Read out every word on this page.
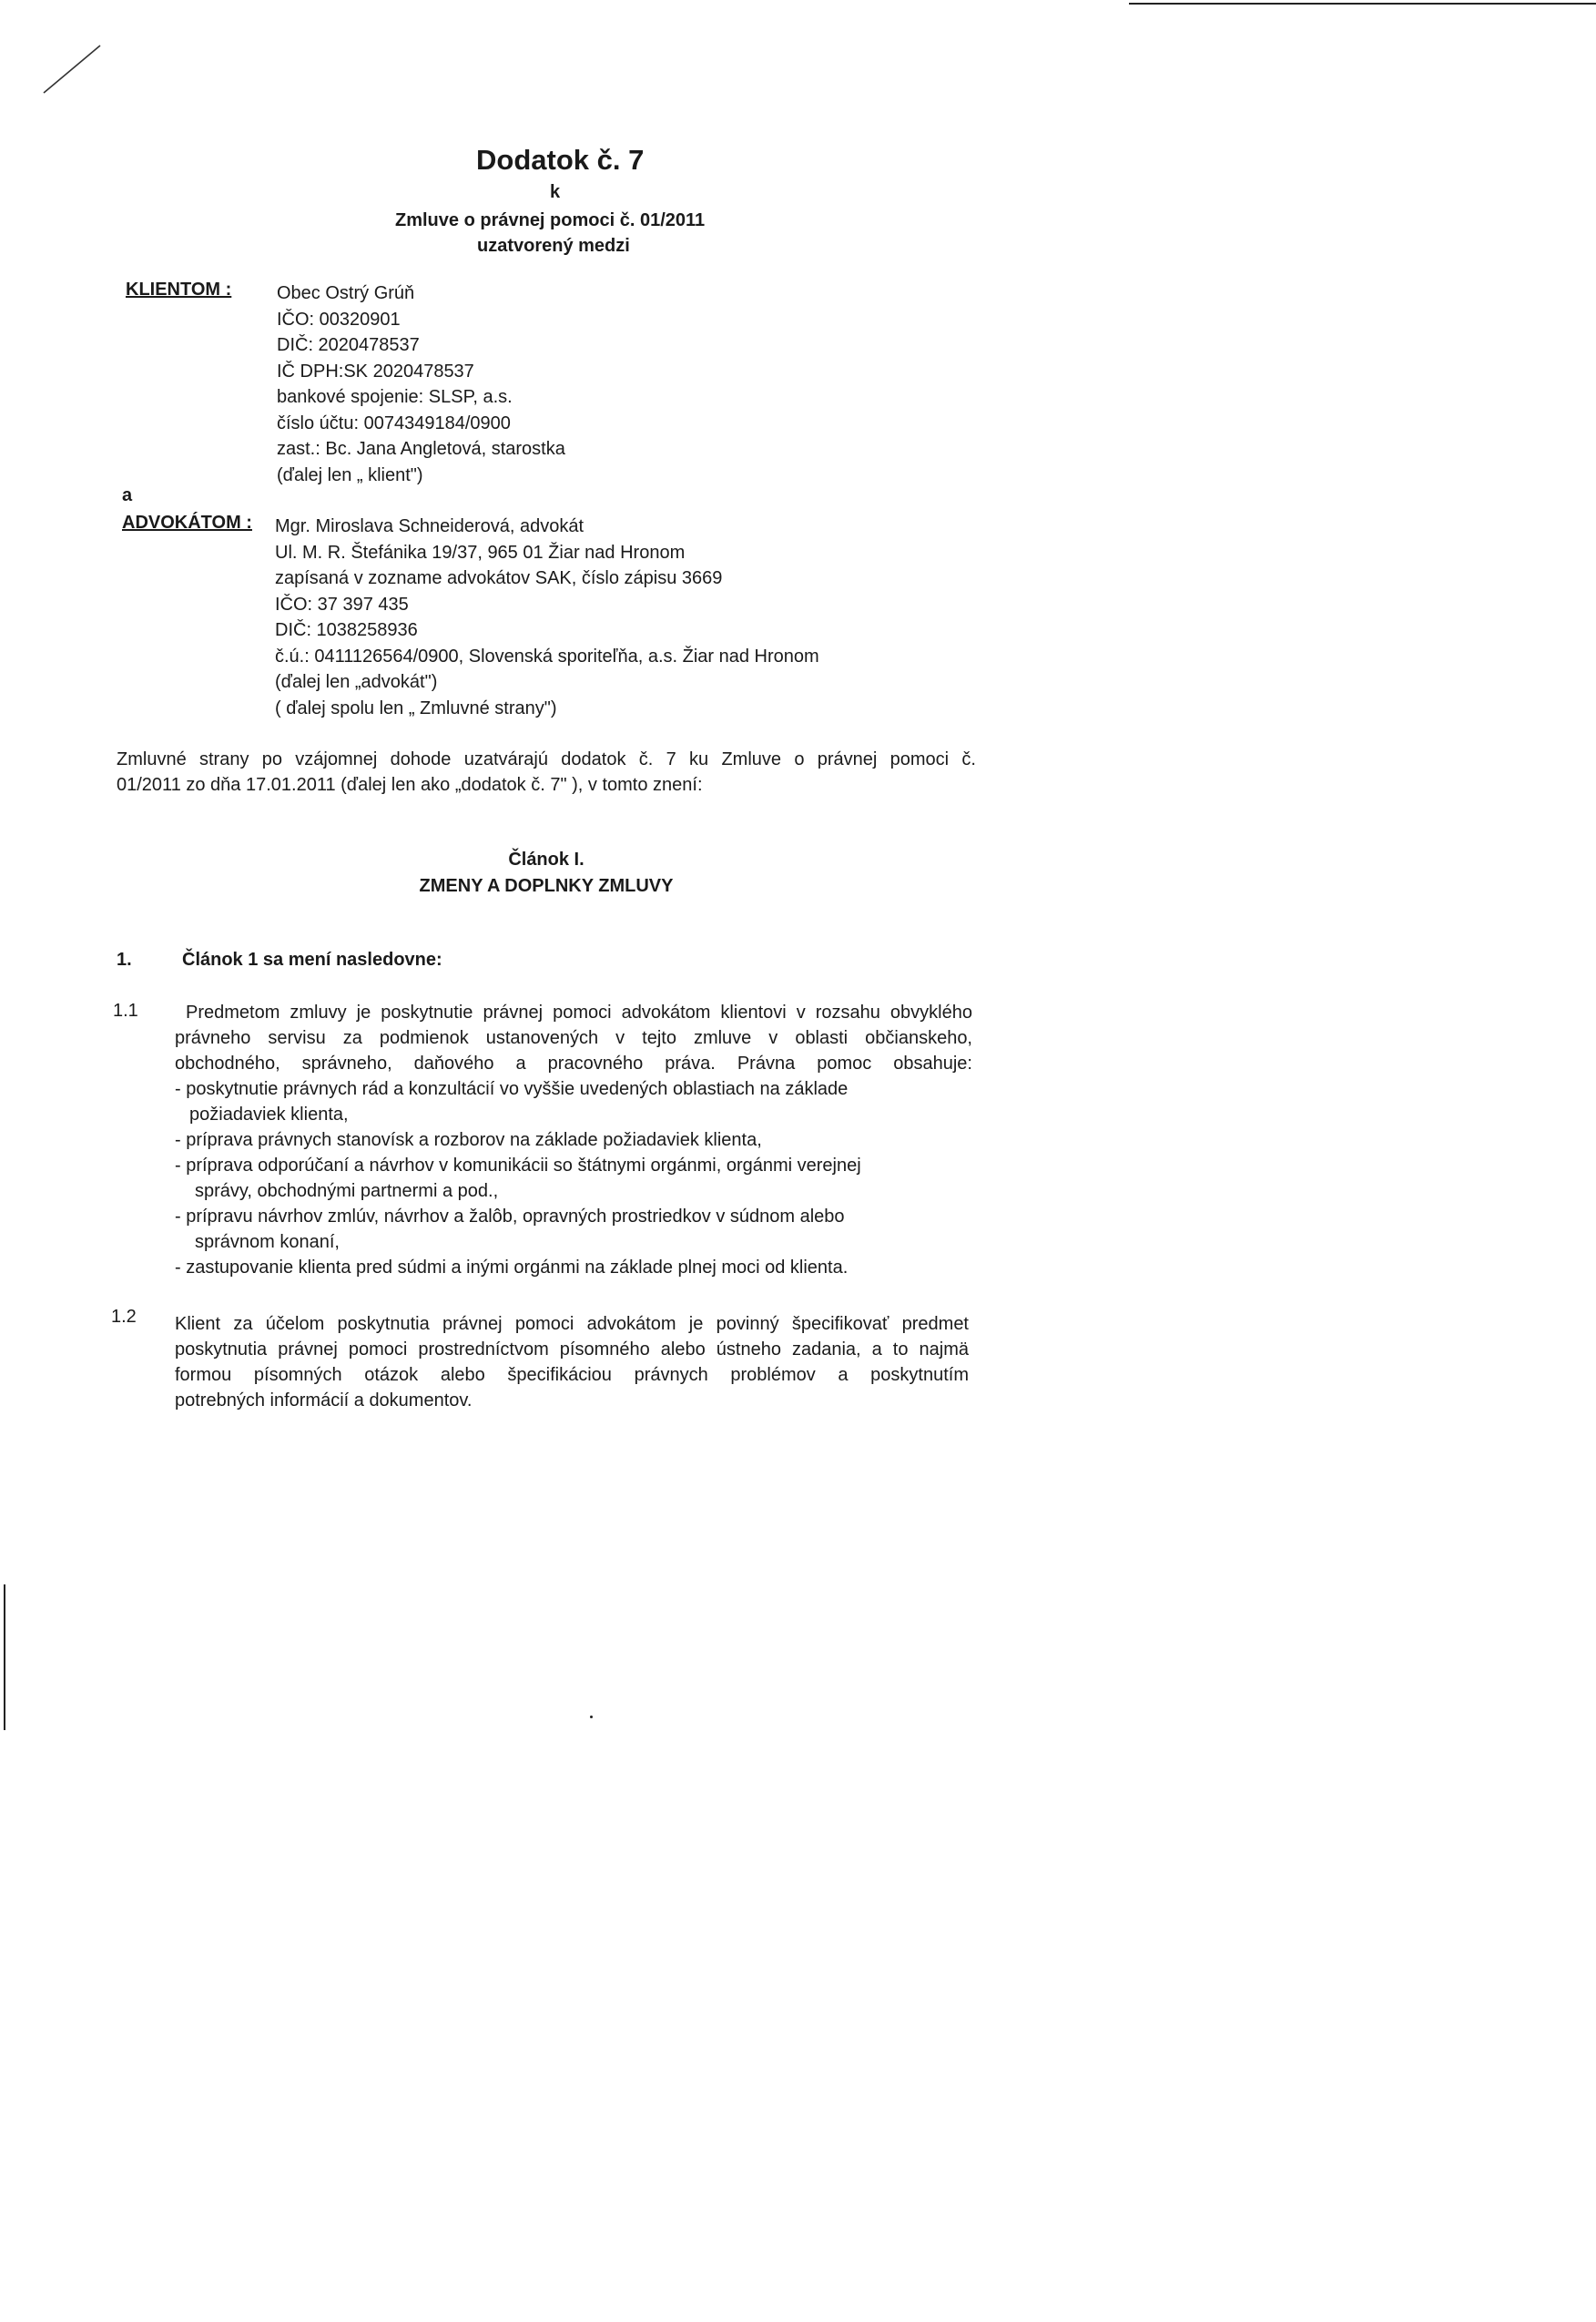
Dodatok č. 7
k
Zmluve o právnej pomoci č. 01/2011
uzatvorený medzi
KLIENTOM : Obec Ostrý Grúň
IČO: 00320901
DIČ: 2020478537
IČ DPH:SK 2020478537
bankové spojenie: SLSP, a.s.
číslo účtu: 0074349184/0900
zast.: Bc. Jana Angletová, starostka
(ďalej len „ klient")
a
ADVOKÁTOM : Mgr. Miroslava Schneiderová, advokát
Ul. M. R. Štefánika 19/37, 965 01 Žiar nad Hronom
zapísaná v zozname advokátov SAK, číslo zápisu 3669
IČO: 37 397 435
DIČ: 1038258936
č.ú.: 0411126564/0900, Slovenská sporiteľňa, a.s. Žiar nad Hronom
(ďalej len „advokát")
( ďalej spolu len „ Zmluvné strany")
Zmluvné strany po vzájomnej dohode uzatvárajú dodatok č. 7 ku Zmluve o právnej pomoci č.
01/2011 zo dňa 17.01.2011 (ďalej len ako „dodatok č. 7" ), v tomto znení:
Článok I.
ZMENY A DOPLNKY ZMLUVY
1.	Článok 1 sa mení nasledovne:
1.1	Predmetom zmluvy je poskytnutie právnej pomoci advokátom klientovi v rozsahu obvyklého
právneho servisu za podmienok ustanovených v tejto zmluve v oblasti občianskeho,
obchodného, správneho, daňového a pracovného práva. Právna pomoc obsahuje:
- poskytnutie právnych rád a konzultácií vo vyššie uvedených oblastiach na základe
požiadaviek klienta,
- príprava právnych stanovísk a rozborov na základe požiadaviek klienta,
- príprava odporúčaní a návrhov v komunikácii so štátnymi orgánmi, orgánmi verejnej
správy, obchodnými partnermi a pod.,
- prípravu návrhov zmlúv, návrhov a žalôb, opravných prostriedkov v súdnom alebo
správnom konaní,
- zastupovanie klienta pred súdmi a inými orgánmi na základe plnej moci od klienta.
1.2 Klient za účelom poskytnutia právnej pomoci advokátom je povinný špecifikovať predmet
poskytnutia právnej pomoci prostredníctvom písomného alebo ústneho zadania, a to najmä
formou písomných otázok alebo špecifikáciou právnych problémov a poskytnutím
potrebných informácií a dokumentov.
